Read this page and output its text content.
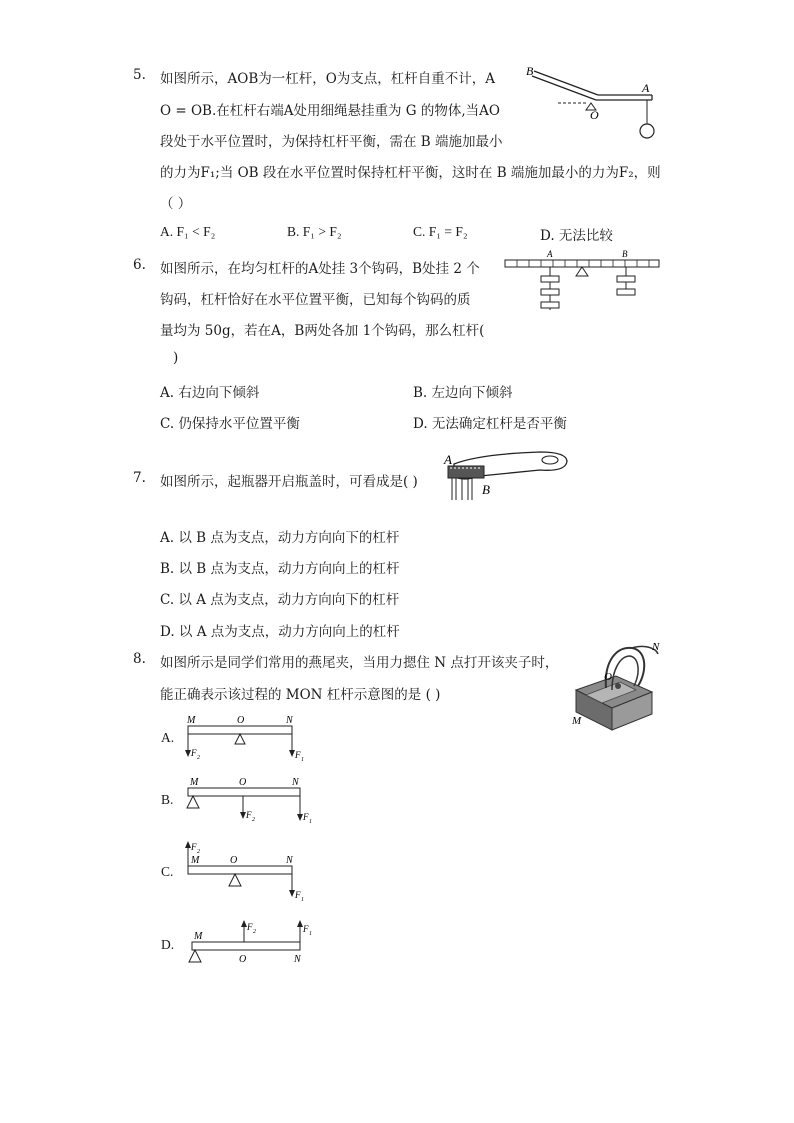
5. 如图所示，AOB为一杠杆，O为支点，杠杆自重不计，A
O = OB.在杠杆右端A处用细绳悬挂重为 G 的物体,当AO
段处于水平位置时，为保持杠杆平衡，需在 B 端施加最小
的力为F₁;当 OB 段在水平位置时保持杠杆平衡，这时在 B 端施加最小的力为F₂，则
（ ）
A. F₁ < F₂	B. F₁ > F₂	C. F₁ = F₂	D. 无法比较
B
O
A
6. 如图所示，在均匀杠杆的A处挂 3个钩码，B处挂 2 个
钩码，杠杆恰好在水平位置平衡，已知每个钩码的质
量均为 50g，若在A，B两处各加 1个钩码，那么杠杆(
)
A. 右边向下倾斜	B. 左边向下倾斜
C. 仍保持水平位置平衡	D. 无法确定杠杆是否平衡
A	B
7. 如图所示，起瓶器开启瓶盖时，可看成是( )
A. 以 B 点为支点，动力方向向下的杠杆
B. 以 B 点为支点，动力方向向上的杠杆
C. 以 A 点为支点，动力方向向下的杠杆
D. 以 A 点为支点，动力方向向上的杠杆
A
B
8. 如图所示是同学们常用的燕尾夹，当用力摁住 N 点打开该夹子时，
能正确表示该过程的 MON 杠杆示意图的是 ( )
N
O
M
A.
M	O	N
F 2	F 1
B.
M	O	N
F 2	F 1
C.
F 2
M	O	N
F 1
D.
M
O	N
F 2	F 1
